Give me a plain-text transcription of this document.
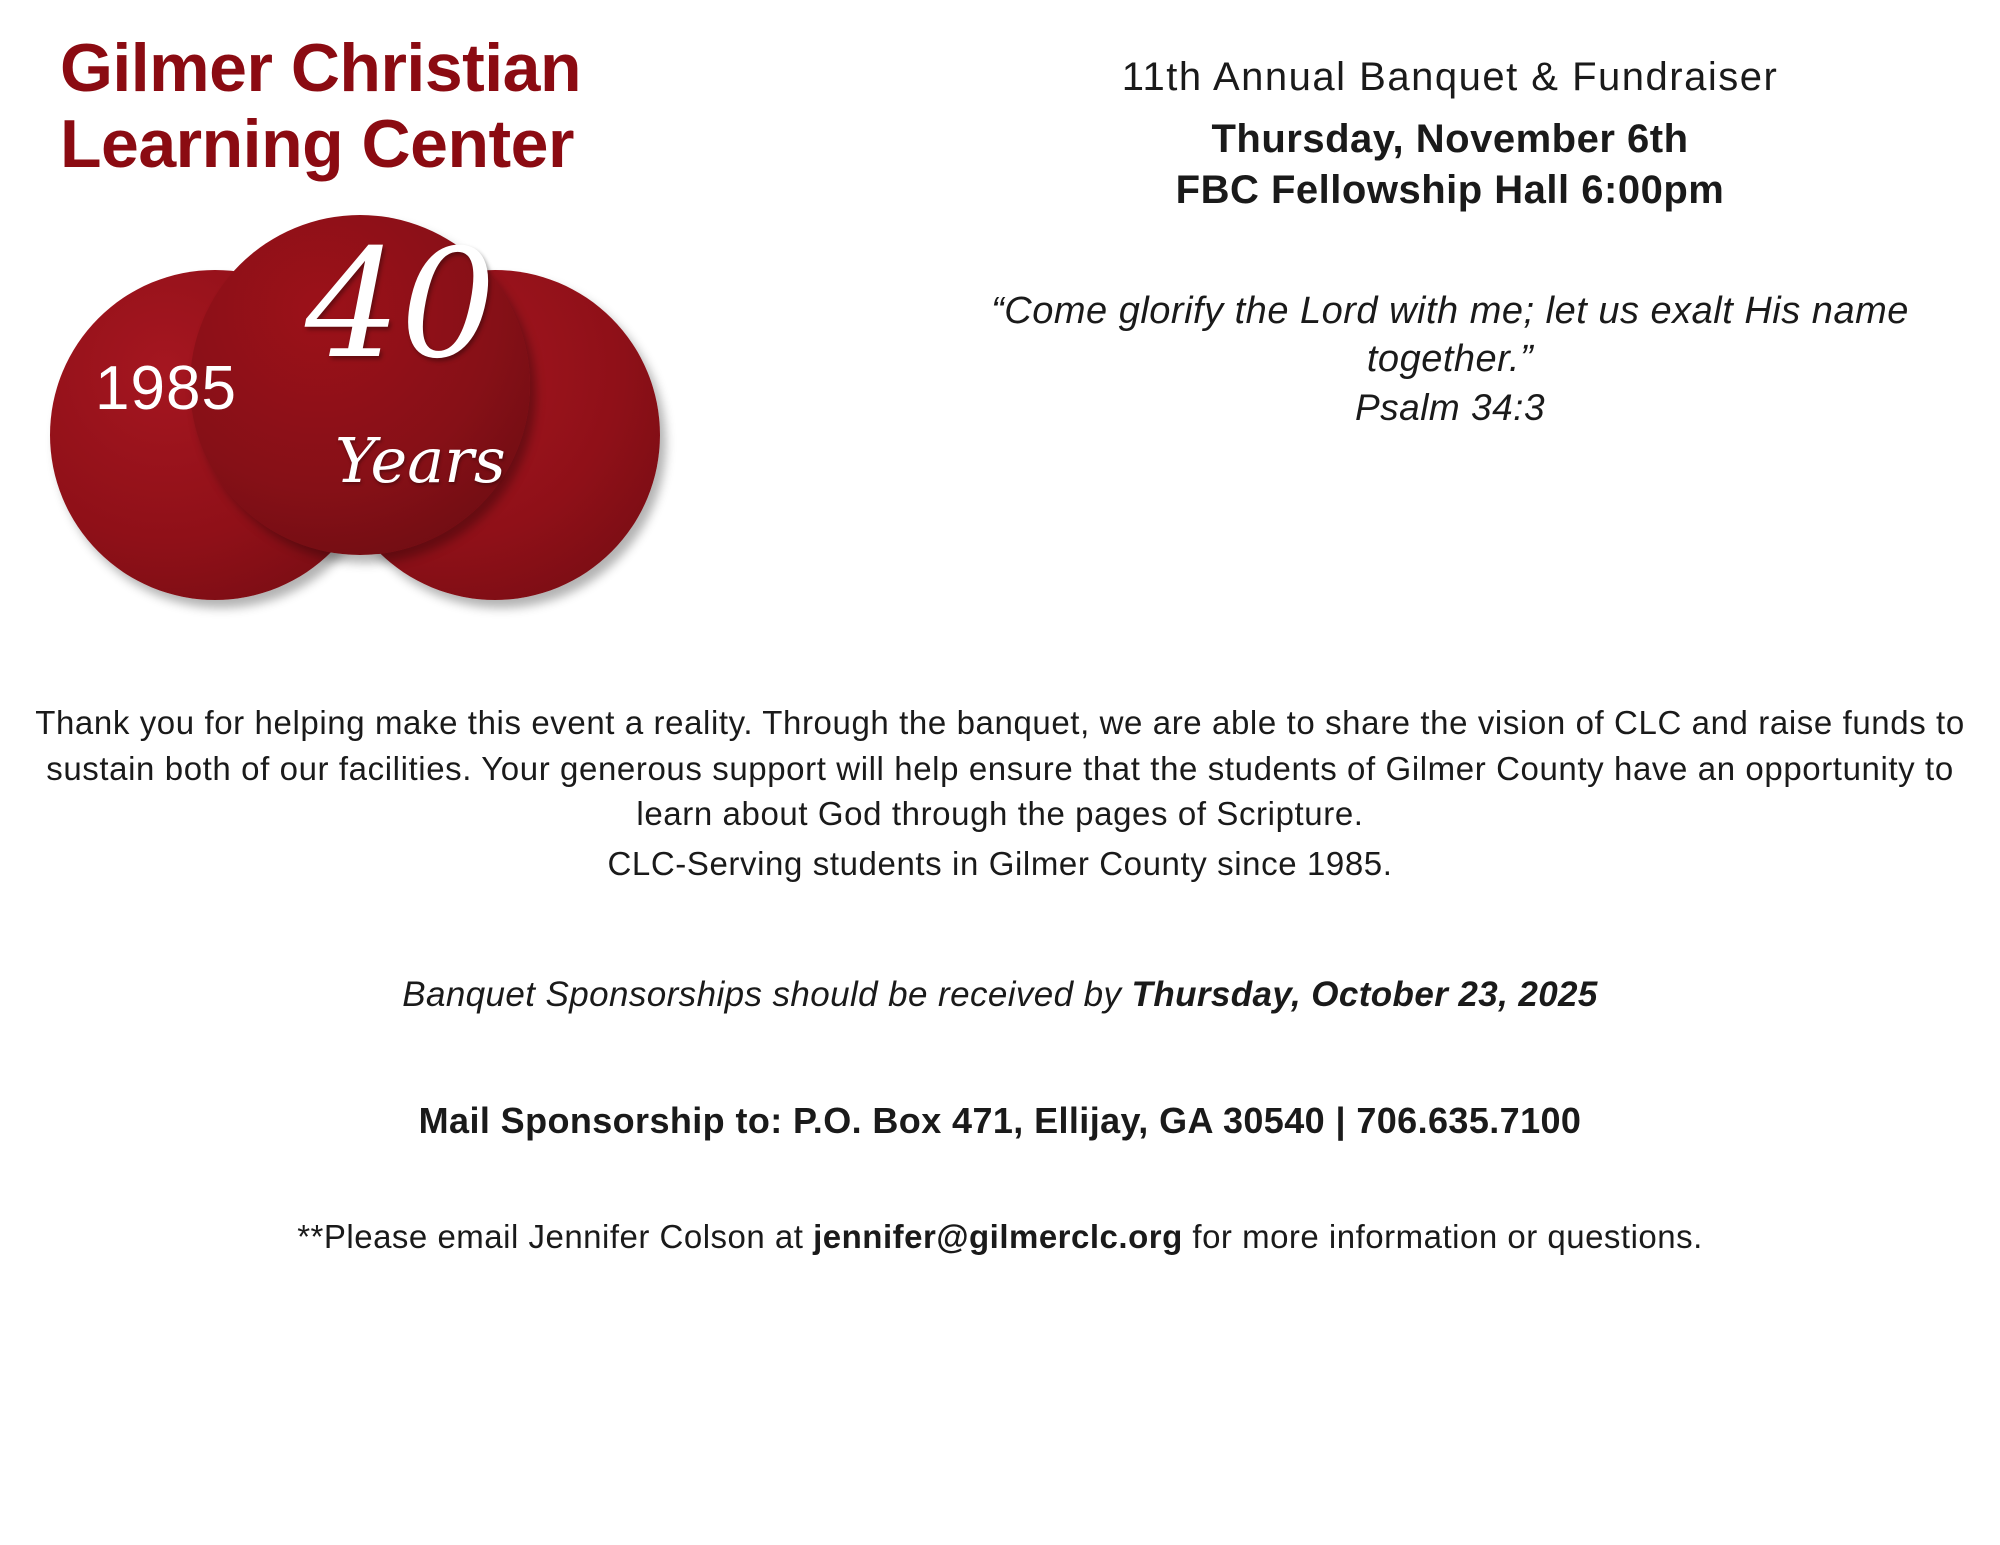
Gilmer Christian
Learning Center
1985	2025
40
Years
11th Annual Banquet & Fundraiser
Thursday, November 6th
FBC Fellowship Hall 6:00pm
“Come glorify the Lord with me; let us exalt His name together.”
Psalm 34:3
Thank you for helping make this event a reality. Through the banquet, we are able to share the vision of CLC and raise funds to sustain both of our facilities. Your generous support will help ensure that the students of Gilmer County have an opportunity to learn about God through the pages of Scripture.
CLC-Serving students in Gilmer County since 1985.
Banquet Sponsorships should be received by Thursday, October 23, 2025
Mail Sponsorship to: P.O. Box 471, Ellijay, GA 30540 | 706.635.7100
**Please email Jennifer Colson at jennifer@gilmerclc.org for more information or questions.
